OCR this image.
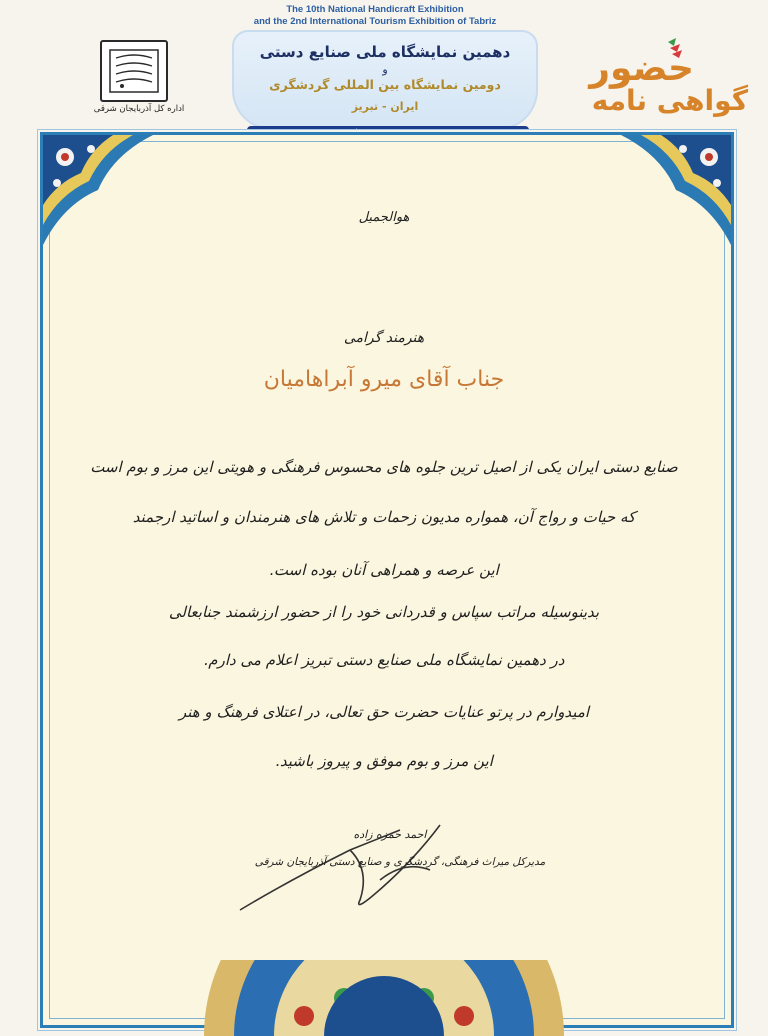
The 10th National Handicraft Exhibition
and the 2nd International Tourism Exhibition of Tabriz
دهمین نمایشگاه ملی صنایع دستی
و
دومین نمایشگاه بین المللی گردشگری
ایران - تبریز
اداره کل آذربایجان شرقی
حضور
گواهی نامه
هوالجمیل
هنرمند گرامی
جناب آقای میرو آبراهامیان
صنایع دستی ایران یکی از اصیل ترین جلوه های محسوس فرهنگی و هویتی این مرز و بوم است
که حیات و رواج آن، همواره مدیون زحمات و تلاش های هنرمندان و اساتید ارجمند
این عرصه و همراهی آنان بوده است.
بدینوسیله مراتب سپاس و قدردانی خود را از حضور ارزشمند جنابعالی
در دهمین نمایشگاه ملی صنایع دستی تبریز اعلام می دارم.
امیدوارم در پرتو عنایات حضرت حق تعالی، در اعتلای فرهنگ و هنر
این مرز و بوم موفق و پیروز باشید.
احمد حمزه زاده
مدیرکل میراث فرهنگی، گردشگری و صنایع دستی آذربایجان شرقی
